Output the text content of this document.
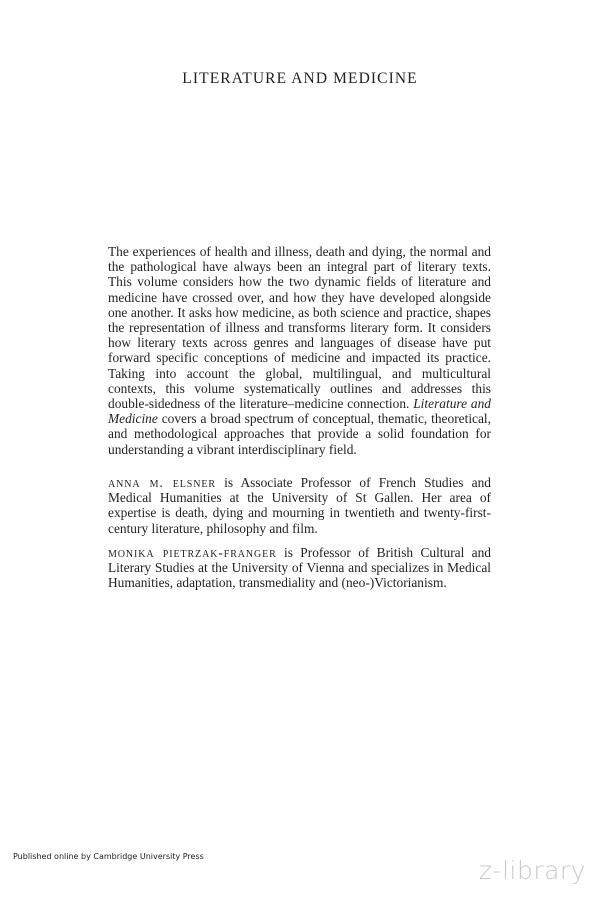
LITERATURE AND MEDICINE

The experiences of health and illness, death and dying, the normal and the pathological have always been an integral part of literary texts. This volume considers how the two dynamic fields of literature and medicine have crossed over, and how they have developed alongside one another. It asks how medicine, as both science and practice, shapes the representation of illness and transforms literary form. It considers how literary texts across genres and languages of disease have put forward specific conceptions of medicine and impacted its practice. Taking into account the global, multilingual, and multicultural contexts, this volume systematically outlines and addresses this double-sidedness of the literature–medicine connection. Literature and Medicine covers a broad spectrum of conceptual, thematic, theoretical, and methodological approaches that provide a solid foundation for understanding a vibrant interdisciplinary field.

anna m. elsner is Associate Professor of French Studies and Medical Humanities at the University of St Gallen. Her area of expertise is death, dying and mourning in twentieth and twenty-first-century literature, philosophy and film.

monika pietrzak-franger is Professor of British Cultural and Literary Studies at the University of Vienna and specializes in Medical Humanities, adaptation, transmediality and (neo-)Victorianism.

Published online by Cambridge University Press	z-library
